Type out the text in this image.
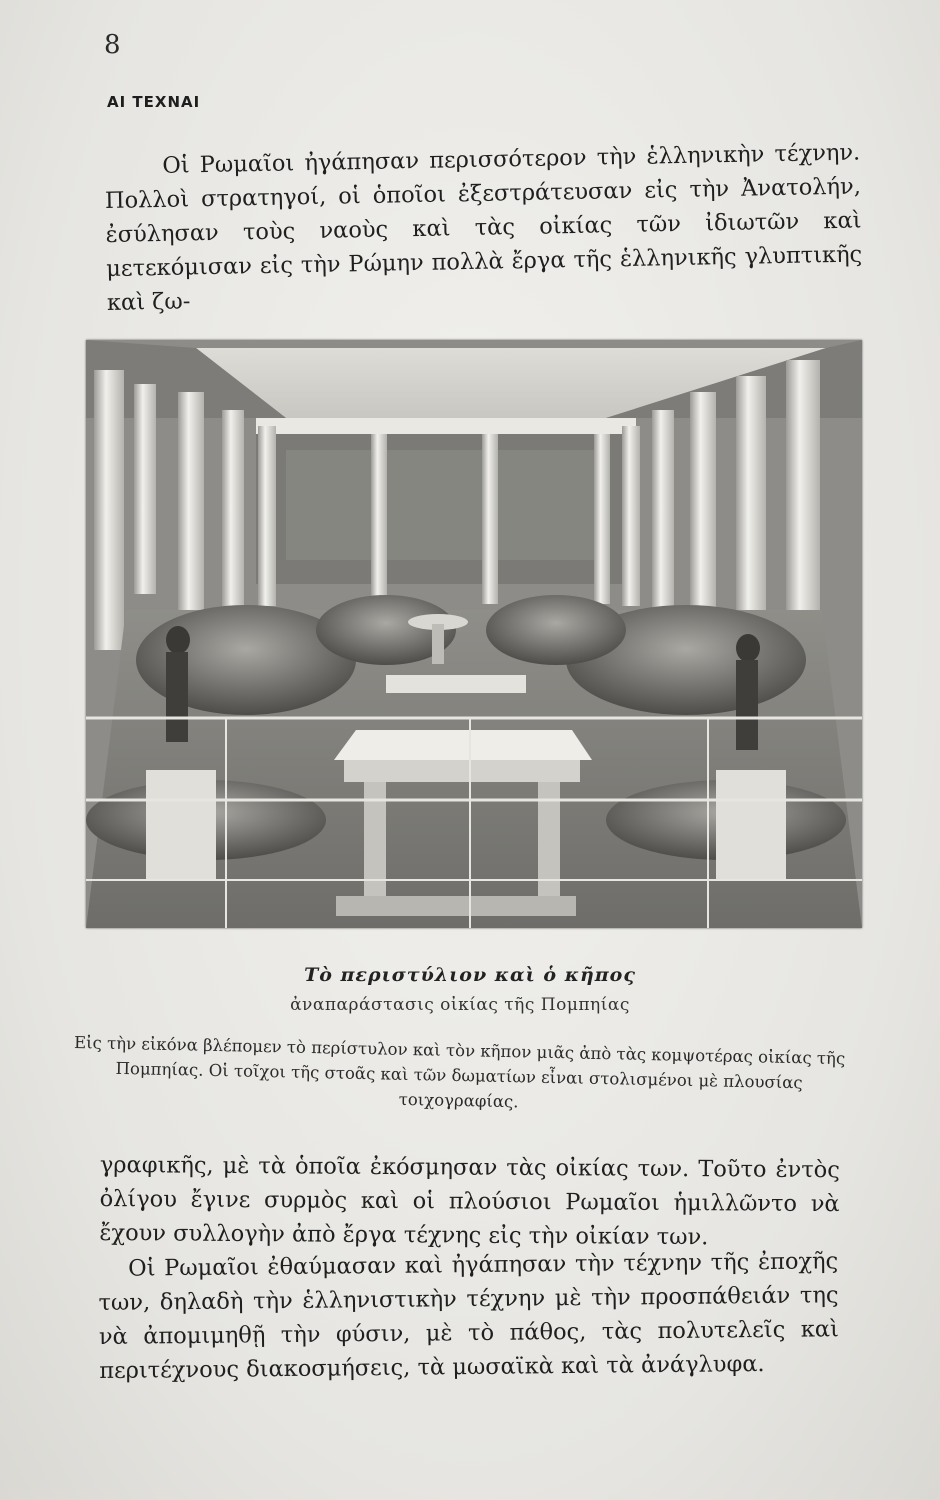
8
ΑΙ ΤΕΧΝΑΙ

Οἱ Ρωμαῖοι ἠγάπησαν περισσότερον τὴν ἑλληνικὴν τέχνην. Πολλοὶ στρατηγοί, οἱ ὁποῖοι ἐξεστράτευσαν εἰς τὴν Ἀνατολήν, ἐσύλησαν τοὺς ναοὺς καὶ τὰς οἰκίας τῶν ἰδιωτῶν καὶ μετεκόμισαν εἰς τὴν Ρώμην πολλὰ ἔργα τῆς ἑλληνικῆς γλυπτικῆς καὶ ζω-

Τὸ περιστύλιον καὶ ὁ κῆπος
ἀναπαράστασις οἰκίας τῆς Πομπηίας

Εἰς τὴν εἰκόνα βλέπομεν τὸ περίστυλον καὶ τὸν κῆπον μιᾶς ἀπὸ τὰς κομψοτέρας οἰκίας τῆς Πομπηίας. Οἱ τοῖχοι τῆς στοᾶς καὶ τῶν δωματίων εἶναι στολισμένοι μὲ πλουσίας τοιχογραφίας.

γραφικῆς, μὲ τὰ ὁποῖα ἐκόσμησαν τὰς οἰκίας των. Τοῦτο ἐντὸς ὀλίγου ἔγινε συρμὸς καὶ οἱ πλούσιοι Ρωμαῖοι ἡμιλλῶντο νὰ ἔχουν συλλογὴν ἀπὸ ἔργα τέχνης εἰς τὴν οἰκίαν των.

Οἱ Ρωμαῖοι ἐθαύμασαν καὶ ἠγάπησαν τὴν τέχνην τῆς ἐποχῆς των, δηλαδὴ τὴν ἑλληνιστικὴν τέχνην μὲ τὴν προσπάθειάν της νὰ ἀπομιμηθῇ τὴν φύσιν, μὲ τὸ πάθος, τὰς πολυτελεῖς καὶ περιτέχνους διακοσμήσεις, τὰ μωσαϊκὰ καὶ τὰ ἀνάγλυφα.
